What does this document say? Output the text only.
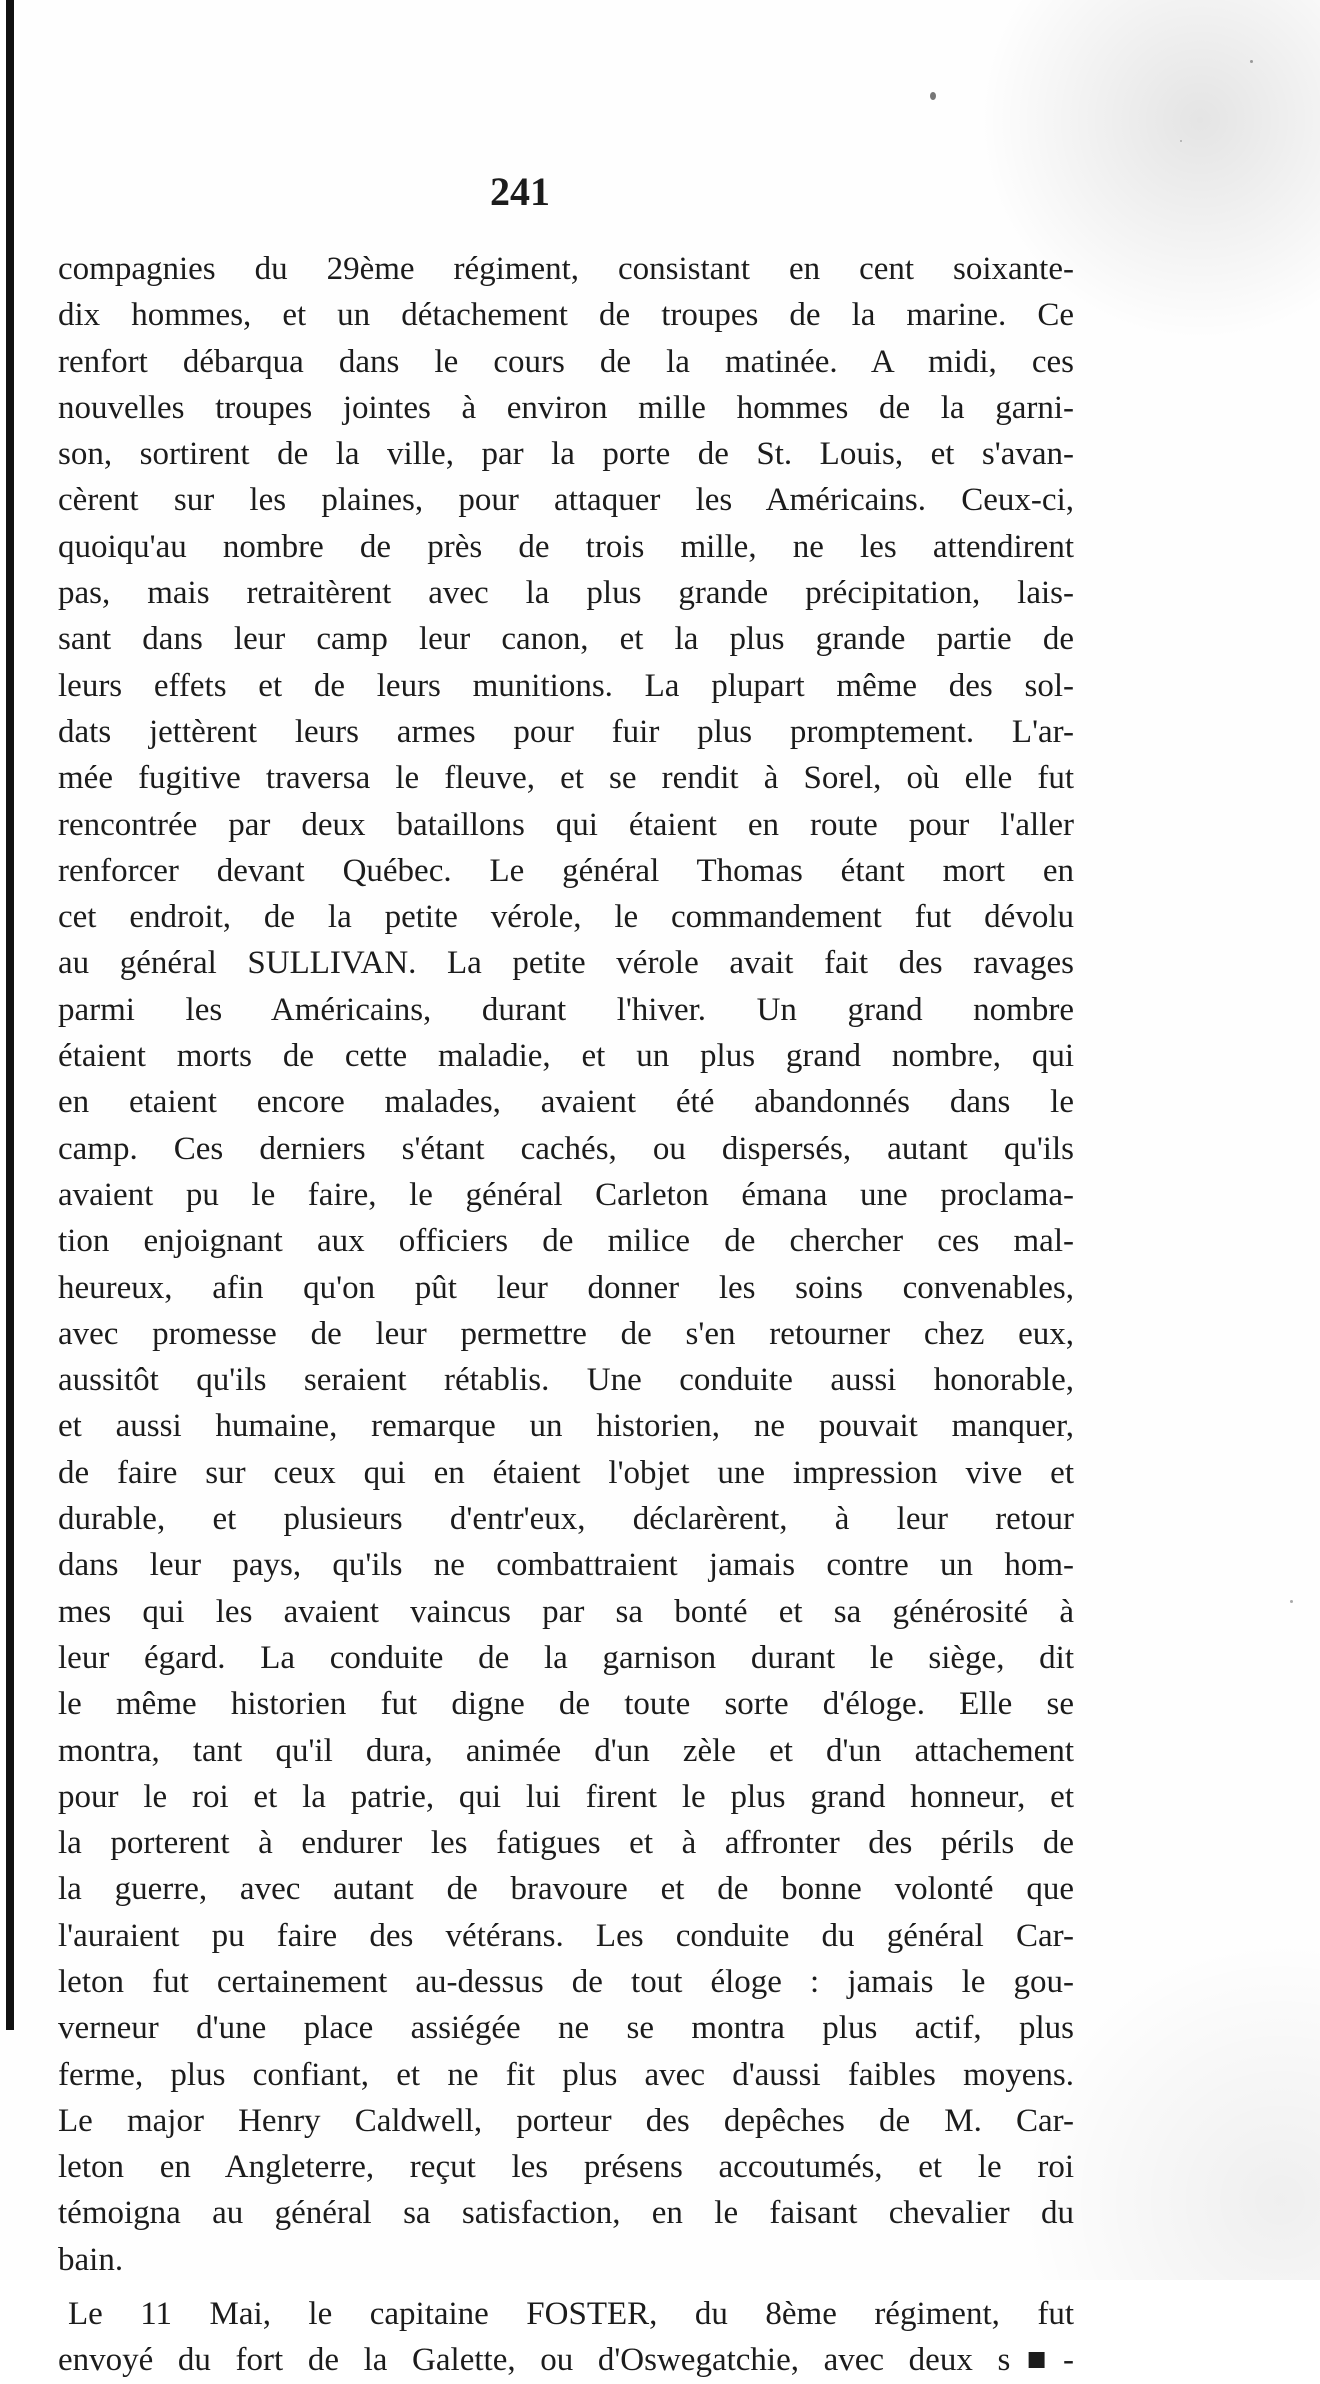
241
compagnies du 29ème régiment, consistant en cent soixante-
dix hommes, et un détachement de troupes de la marine. Ce
renfort débarqua dans le cours de la matinée. A midi, ces
nouvelles troupes jointes à environ mille hommes de la garni-
son, sortirent de la ville, par la porte de St. Louis, et s'avan-
cèrent sur les plaines, pour attaquer les Américains. Ceux-ci,
quoiqu'au nombre de près de trois mille, ne les attendirent
pas, mais retraitèrent avec la plus grande précipitation, lais-
sant dans leur camp leur canon, et la plus grande partie de
leurs effets et de leurs munitions. La plupart même des sol-
dats jettèrent leurs armes pour fuir plus promptement. L'ar-
mée fugitive traversa le fleuve, et se rendit à Sorel, où elle fut
rencontrée par deux bataillons qui étaient en route pour l'aller
renforcer devant Québec. Le général Thomas étant mort en
cet endroit, de la petite vérole, le commandement fut dévolu
au général SULLIVAN. La petite vérole avait fait des ravages
parmi les Américains, durant l'hiver. Un grand nombre
étaient morts de cette maladie, et un plus grand nombre, qui
en etaient encore malades, avaient été abandonnés dans le
camp. Ces derniers s'étant cachés, ou dispersés, autant qu'ils
avaient pu le faire, le général Carleton émana une proclama-
tion enjoignant aux officiers de milice de chercher ces mal-
heureux, afin qu'on pût leur donner les soins convenables,
avec promesse de leur permettre de s'en retourner chez eux,
aussitôt qu'ils seraient rétablis. Une conduite aussi honorable,
et aussi humaine, remarque un historien, ne pouvait manquer,
de faire sur ceux qui en étaient l'objet une impression vive et
durable, et plusieurs d'entr'eux, déclarèrent, à leur retour
dans leur pays, qu'ils ne combattraient jamais contre un hom-
mes qui les avaient vaincus par sa bonté et sa générosité à
leur égard. La conduite de la garnison durant le siège, dit
le même historien fut digne de toute sorte d'éloge. Elle se
montra, tant qu'il dura, animée d'un zèle et d'un attachement
pour le roi et la patrie, qui lui firent le plus grand honneur, et
la porterent à endurer les fatigues et à affronter des périls de
la guerre, avec autant de bravoure et de bonne volonté que
l'auraient pu faire des vétérans. Les conduite du général Car-
leton fut certainement au-dessus de tout éloge : jamais le gou-
verneur d'une place assiégée ne se montra plus actif, plus
ferme, plus confiant, et ne fit plus avec d'aussi faibles moyens.
Le major Henry Caldwell, porteur des depêches de M. Car-
leton en Angleterre, reçut les présens accoutumés, et le roi
témoigna au général sa satisfaction, en le faisant chevalier du
bain.
Le 11 Mai, le capitaine FOSTER, du 8ème régiment, fut
envoyé du fort de la Galette, ou d'Oswegatchie, avec deux s■-
